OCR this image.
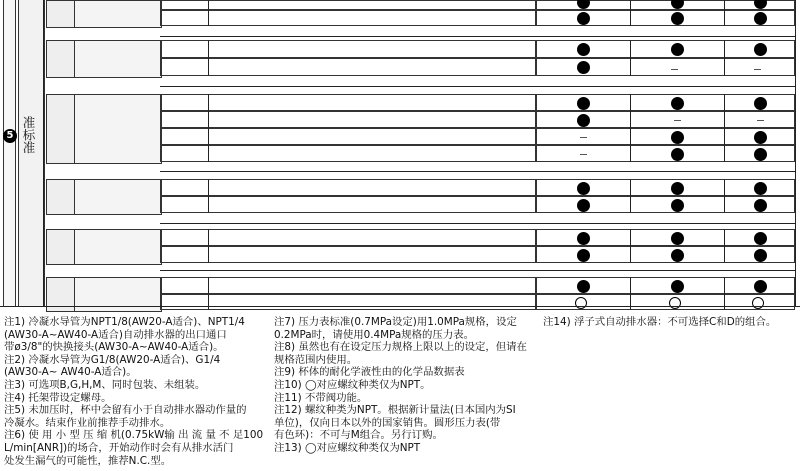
5 准标准
注1) 冷凝水导管为NPT1/8(AW20-A适合)、NPT1/4
(AW30-A~AW40-A适合)自动排水器的出口通口
带ø3/8"的快换接头(AW30-A~AW40-A适合)。
注2) 冷凝水导管为G1/8(AW20-A适合)、G1/4
(AW30-A~ AW40-A适合)。
注3) 可选项B,G,H,M、同时包装、未组装。
注4) 托架带设定螺母。
注5) 未加压时，杯中会留有小于自动排水器动作量的
冷凝水。结束作业前推荐手动排水。
注6) 使 用 小 型 压 缩 机(0.75kW输 出 流 量 不 足100
L/min[ANR])的场合，开始动作时会有从排水活门
处发生漏气的可能性，推荐N.C.型。
注7) 压力表标准(0.7MPa设定)用1.0MPa规格，设定
0.2MPa时，请使用0.4MPa规格的压力表。
注8) 虽然也有在设定压力规格上限以上的设定，但请在
规格范围内使用。
注9) 杯体的耐化学液性由的化学品数据表
注10) ◯对应螺纹种类仅为NPT。
注11) 不带阀功能。
注12) 螺纹种类为NPT。根据新计量法(日本国内为SI
单位)，仅向日本以外的国家销售。圆形压力表(带
有色环)：不可与M组合。另行订购。
注13) ◯对应螺纹种类仅为NPT
注14) 浮子式自动排水器：不可选择C和D的组合。
